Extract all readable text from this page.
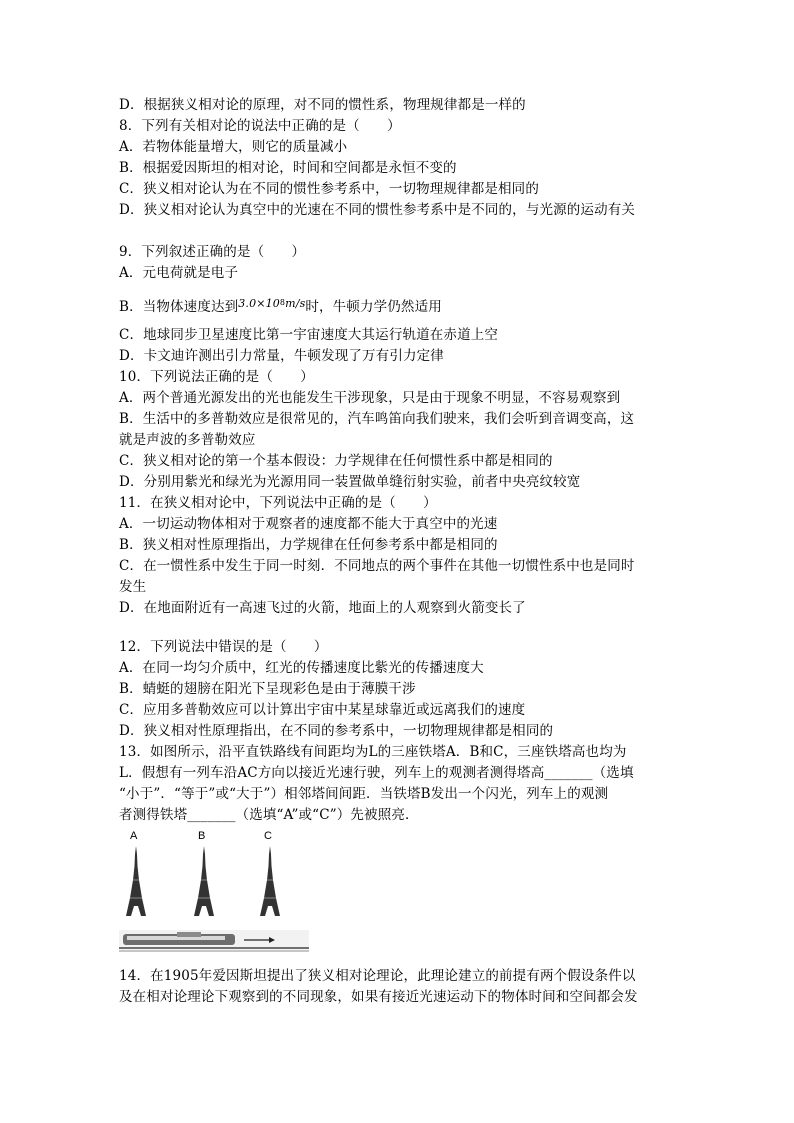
D．根据狭义相对论的原理，对不同的惯性系，物理规律都是一样的
8．下列有关相对论的说法中正确的是（　　）
A．若物体能量增大，则它的质量减小
B．根据爱因斯坦的相对论，时间和空间都是永恒不变的
C．狭义相对论认为在不同的惯性参考系中，一切物理规律都是相同的
D．狭义相对论认为真空中的光速在不同的惯性参考系中是不同的，与光源的运动有关
9．下列叙述正确的是（　　）
A．元电荷就是电子
B．当物体速度达到$^{3.0\times 108m/s}$时，牛顿力学仍然适用
C．地球同步卫星速度比第一宇宙速度大其运行轨道在赤道上空
D．卡文迪许测出引力常量，牛顿发现了万有引力定律
10．下列说法正确的是（　　）
A．两个普通光源发出的光也能发生干涉现象，只是由于现象不明显，不容易观察到
B．生活中的多普勒效应是很常见的，汽车鸣笛向我们驶来，我们会听到音调变高，这
就是声波的多普勒效应
C．狭义相对论的第一个基本假设：力学规律在任何惯性系中都是相同的
D．分别用紫光和绿光为光源用同一装置做单缝衍射实验，前者中央亮纹较宽
11．在狭义相对论中，下列说法中正确的是（　　）
A．一切运动物体相对于观察者的速度都不能大于真空中的光速
B．狭义相对性原理指出，力学规律在任何参考系中都是相同的
C．在一惯性系中发生于同一时刻．不同地点的两个事件在其他一切惯性系中也是同时
发生
D．在地面附近有一高速飞过的火箭，地面上的人观察到火箭变长了
12．下列说法中错误的是（　　）
A．在同一均匀介质中，红光的传播速度比紫光的传播速度大
B．蜻蜓的翅膀在阳光下呈现彩色是由于薄膜干涉
C．应用多普勒效应可以计算出宇宙中某星球靠近或远离我们的速度
D．狭义相对性原理指出，在不同的参考系中，一切物理规律都是相同的
13．如图所示，沿平直铁路线有间距均为L的三座铁塔A．B和C，三座铁塔高也均为
L．假想有一列车沿AC方向以接近光速行驶，列车上的观测者测得塔高_______（选填
“小于”．“等于”或“大于”）相邻塔间间距．当铁塔B发出一个闪光，列车上的观测
者测得铁塔_______（选填“A”或“C”）先被照亮．
A	B	C
14．在1905年爱因斯坦提出了狭义相对论理论，此理论建立的前提有两个假设条件以
及在相对论理论下观察到的不同现象，如果有接近光速运动下的物体时间和空间都会发
